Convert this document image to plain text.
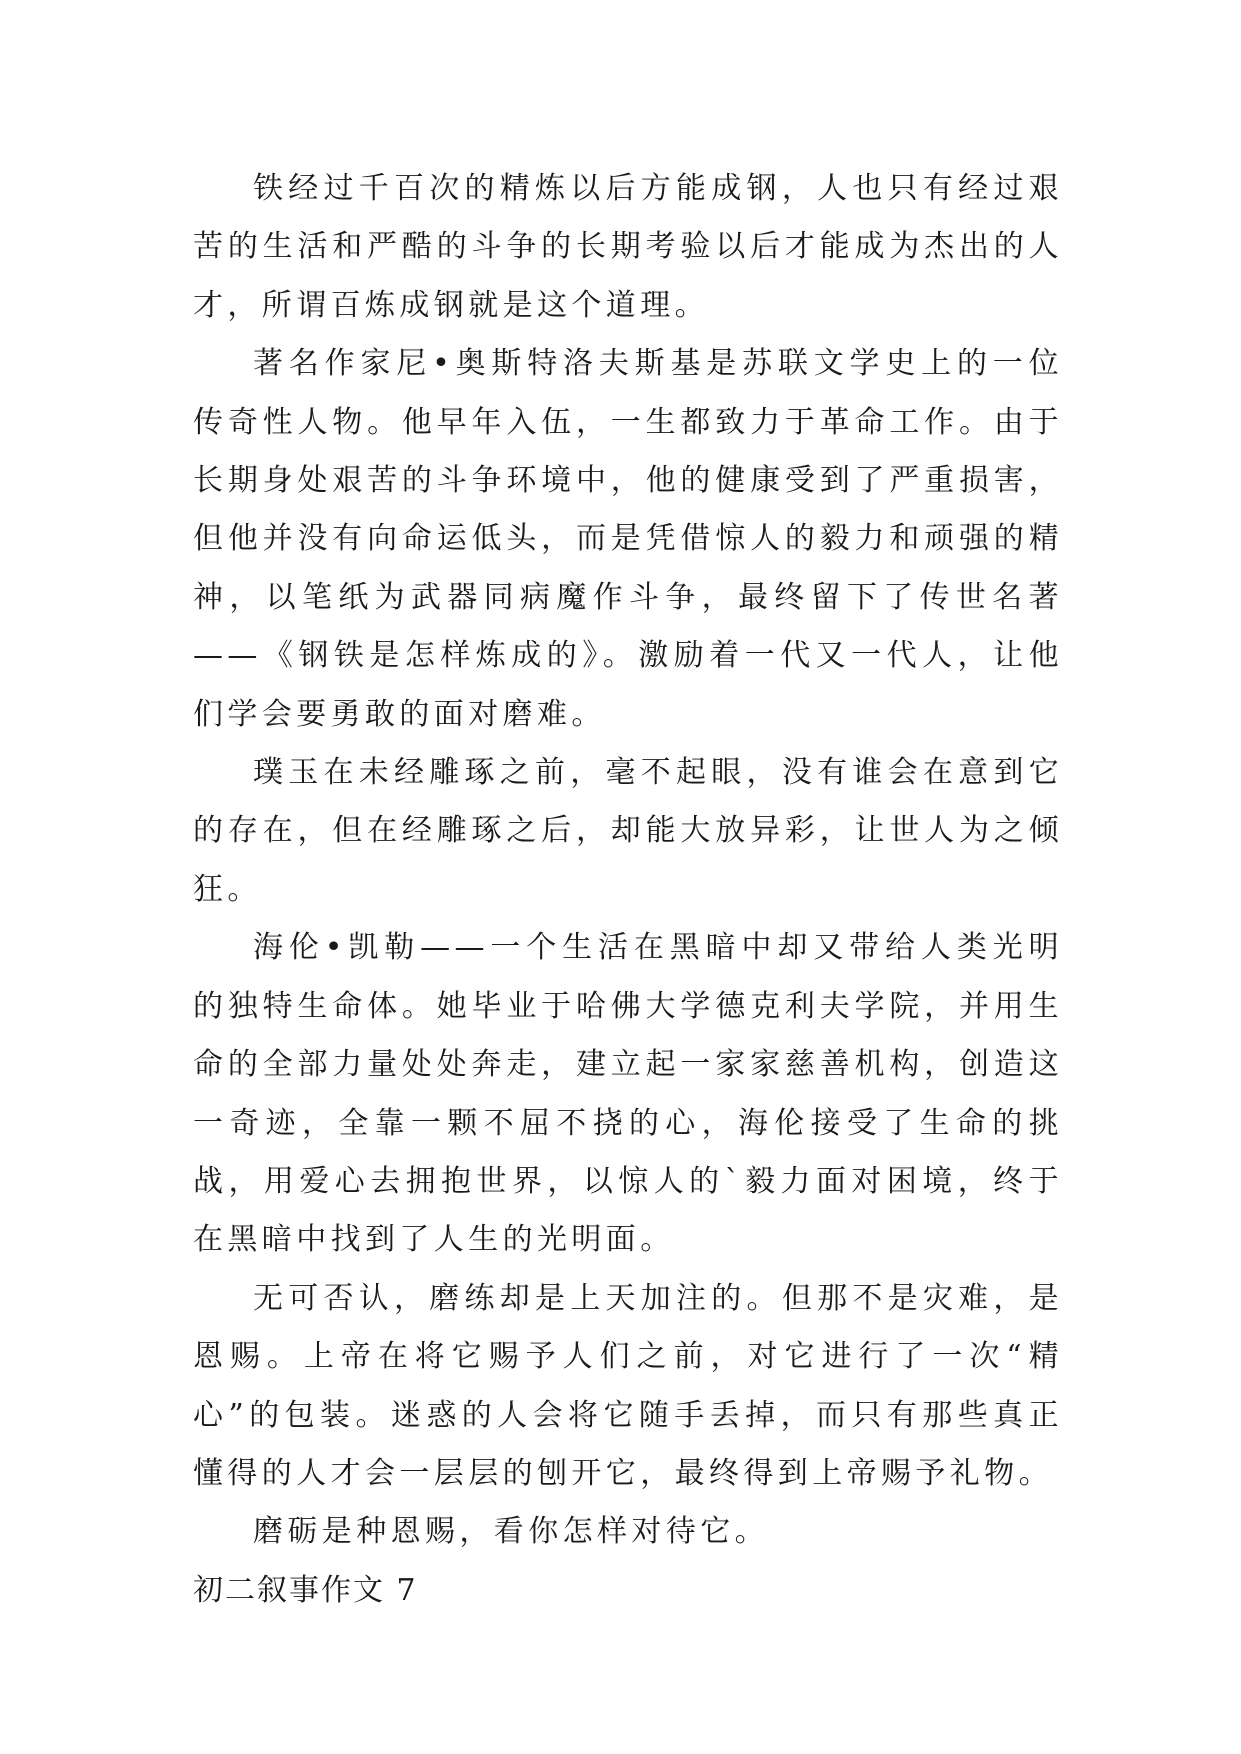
铁经过千百次的精炼以后方能成钢，人也只有经过艰苦的生活和严酷的斗争的长期考验以后才能成为杰出的人才，所谓百炼成钢就是这个道理。

著名作家尼•奥斯特洛夫斯基是苏联文学史上的一位传奇性人物。他早年入伍，一生都致力于革命工作。由于长期身处艰苦的斗争环境中，他的健康受到了严重损害，但他并没有向命运低头，而是凭借惊人的毅力和顽强的精神，以笔纸为武器同病魔作斗争，最终留下了传世名著——《钢铁是怎样炼成的》。激励着一代又一代人，让他们学会要勇敢的面对磨难。

璞玉在未经雕琢之前，毫不起眼，没有谁会在意到它的存在，但在经雕琢之后，却能大放异彩，让世人为之倾狂。

海伦•凯勒——一个生活在黑暗中却又带给人类光明的独特生命体。她毕业于哈佛大学德克利夫学院，并用生命的全部力量处处奔走，建立起一家家慈善机构，创造这一奇迹，全靠一颗不屈不挠的心，海伦接受了生命的挑战，用爱心去拥抱世界，以惊人的`毅力面对困境，终于在黑暗中找到了人生的光明面。

无可否认，磨练却是上天加注的。但那不是灾难，是恩赐。上帝在将它赐予人们之前，对它进行了一次“精心”的包装。迷惑的人会将它随手丢掉，而只有那些真正懂得的人才会一层层的刨开它，最终得到上帝赐予礼物。

磨砺是种恩赐，看你怎样对待它。

初二叙事作文 7
